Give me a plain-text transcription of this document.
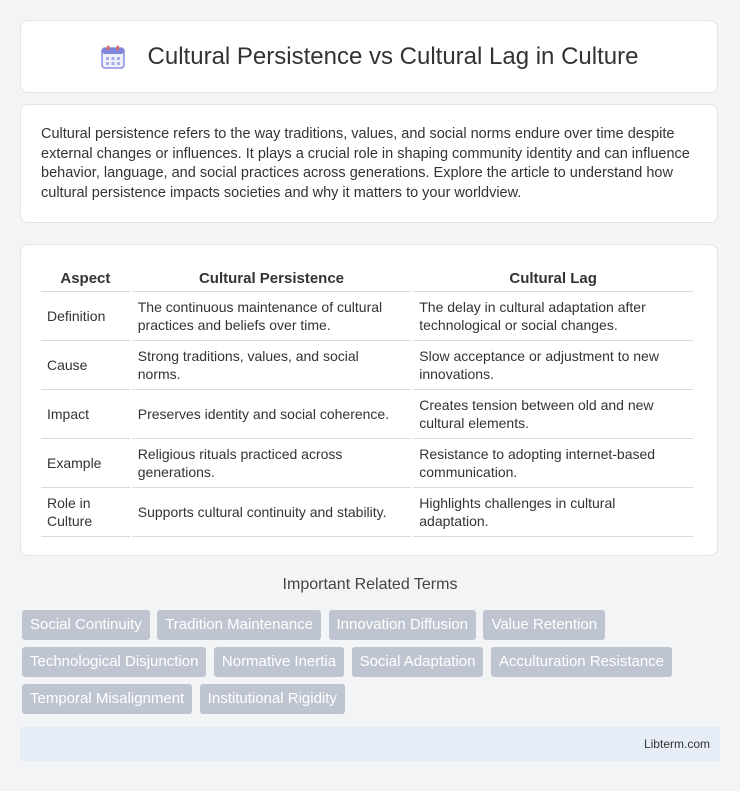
Cultural Persistence vs Cultural Lag in Culture

Cultural persistence refers to the way traditions, values, and social norms endure over time despite external changes or influences. It plays a crucial role in shaping community identity and can influence behavior, language, and social practices across generations. Explore the article to understand how cultural persistence impacts societies and why it matters to your worldview.

Aspect	Cultural Persistence	Cultural Lag
Definition	The continuous maintenance of cultural practices and beliefs over time.	The delay in cultural adaptation after technological or social changes.
Cause	Strong traditions, values, and social norms.	Slow acceptance or adjustment to new innovations.
Impact	Preserves identity and social coherence.	Creates tension between old and new cultural elements.
Example	Religious rituals practiced across generations.	Resistance to adopting internet-based communication.
Role in Culture	Supports cultural continuity and stability.	Highlights challenges in cultural adaptation.
Important Related Terms
Social Continuity Tradition Maintenance Innovation Diffusion Value Retention Technological Disjunction Normative Inertia Social Adaptation Acculturation Resistance Temporal Misalignment Institutional Rigidity
Libterm.com
